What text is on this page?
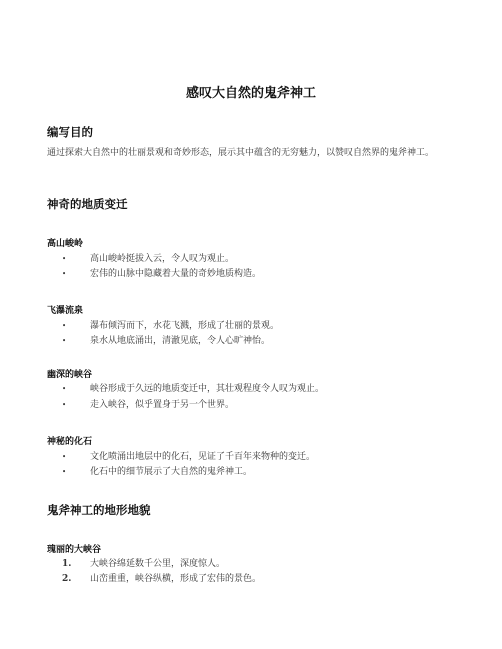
感叹大自然的鬼斧神工
编写目的
通过探索大自然中的壮丽景观和奇妙形态，展示其中蕴含的无穷魅力，以赞叹自然界的鬼斧神工。
神奇的地质变迁
高山峻岭
•	高山峻岭挺拔入云，令人叹为观止。
•	宏伟的山脉中隐藏着大量的奇妙地质构造。
飞瀑流泉
•	瀑布倾泻而下，水花飞溅，形成了壮丽的景观。
•	泉水从地底涌出，清澈见底，令人心旷神怡。
幽深的峡谷
•	峡谷形成于久远的地质变迁中，其壮观程度令人叹为观止。
•	走入峡谷，似乎置身于另一个世界。
神秘的化石
•	文化喷涌出地层中的化石，见证了千百年来物种的变迁。
•	化石中的细节展示了大自然的鬼斧神工。
鬼斧神工的地形地貌
瑰丽的大峡谷
1. 大峡谷绵延数千公里，深度惊人。
2. 山峦重重，峡谷纵横，形成了宏伟的景色。
